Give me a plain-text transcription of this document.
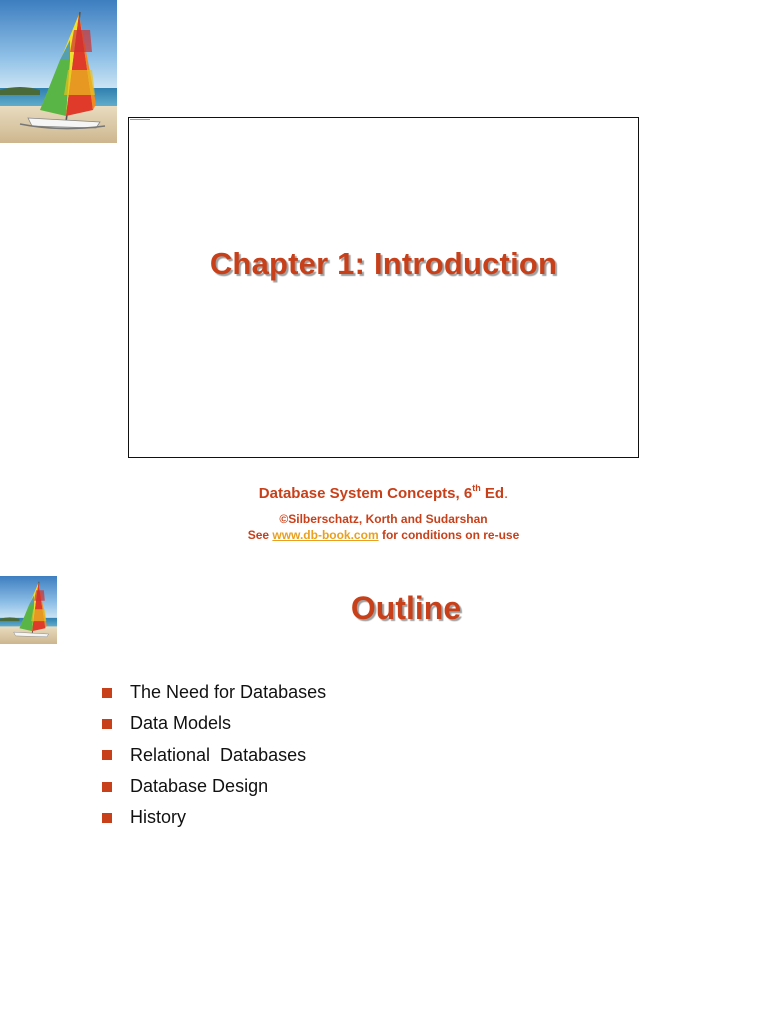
Chapter 1: Introduction
Database System Concepts, 6th Ed.
©Silberschatz, Korth and Sudarshan
See www.db-book.com for conditions on re-use
Outline
The Need for Databases
Data Models
Relational  Databases
Database Design
History
